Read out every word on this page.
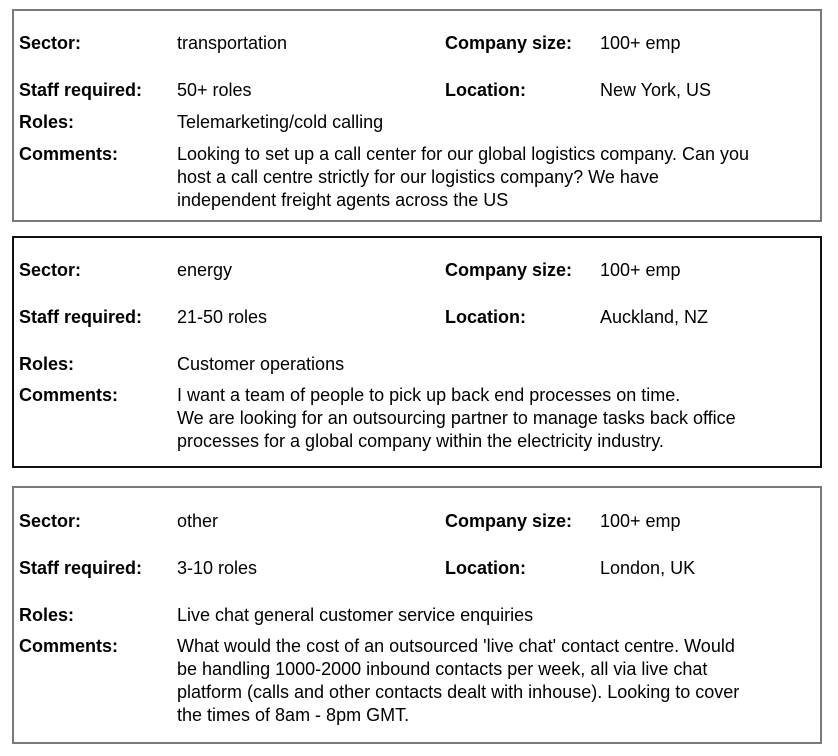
Sector:	transportation	Company size: 100+ emp
Staff required: 50+ roles	Location:	New York, US
Roles:	Telemarketing/cold calling
Comments:	Looking to set up a call center for our global logistics company. Can you
host a call centre strictly for our logistics company? We have
independent freight agents across the US
Sector:	energy	Company size: 100+ emp
Staff required: 21-50 roles	Location:	Auckland, NZ
Roles:	Customer operations
Comments:	I want a team of people to pick up back end processes on time.
We are looking for an outsourcing partner to manage tasks back office
processes for a global company within the electricity industry.
Sector:	other	Company size: 100+ emp
Staff required: 3-10 roles	Location:	London, UK
Roles:	Live chat general customer service enquiries
Comments:	What would the cost of an outsourced 'live chat' contact centre. Would
be handling 1000-2000 inbound contacts per week, all via live chat
platform (calls and other contacts dealt with inhouse). Looking to cover
the times of 8am - 8pm GMT.
